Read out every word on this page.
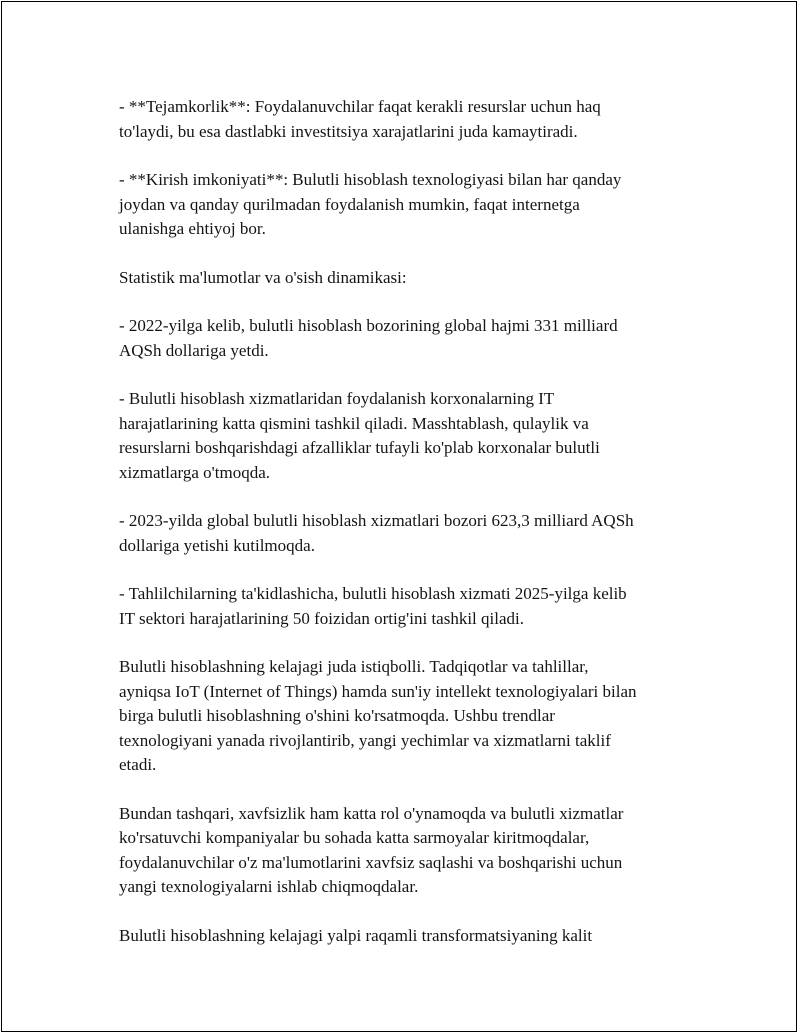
- **Tejamkorlik**: Foydalanuvchilar faqat kerakli resurslar uchun haq
to'laydi, bu esa dastlabki investitsiya xarajatlarini juda kamaytiradi.

- **Kirish imkoniyati**: Bulutli hisoblash texnologiyasi bilan har qanday
joydan va qanday qurilmadan foydalanish mumkin, faqat internetga
ulanishga ehtiyoj bor.

Statistik ma'lumotlar va o'sish dinamikasi:

- 2022-yilga kelib, bulutli hisoblash bozorining global hajmi 331 milliard
AQSh dollariga yetdi.

- Bulutli hisoblash xizmatlaridan foydalanish korxonalarning IT
harajatlarining katta qismini tashkil qiladi. Masshtablash, qulaylik va
resurslarni boshqarishdagi afzalliklar tufayli ko'plab korxonalar bulutli
xizmatlarga o'tmoqda.

- 2023-yilda global bulutli hisoblash xizmatlari bozori 623,3 milliard AQSh
dollariga yetishi kutilmoqda.

- Tahlilchilarning ta'kidlashicha, bulutli hisoblash xizmati 2025-yilga kelib
IT sektori harajatlarining 50 foizidan ortig'ini tashkil qiladi.

Bulutli hisoblashning kelajagi juda istiqbolli. Tadqiqotlar va tahlillar,
ayniqsa IoT (Internet of Things) hamda sun'iy intellekt texnologiyalari bilan
birga bulutli hisoblashning o'shini ko'rsatmoqda. Ushbu trendlar
texnologiyani yanada rivojlantirib, yangi yechimlar va xizmatlarni taklif
etadi.

Bundan tashqari, xavfsizlik ham katta rol o'ynamoqda va bulutli xizmatlar
ko'rsatuvchi kompaniyalar bu sohada katta sarmoyalar kiritmoqdalar,
foydalanuvchilar o'z ma'lumotlarini xavfsiz saqlashi va boshqarishi uchun
yangi texnologiyalarni ishlab chiqmoqdalar.

Bulutli hisoblashning kelajagi yalpi raqamli transformatsiyaning kalit
